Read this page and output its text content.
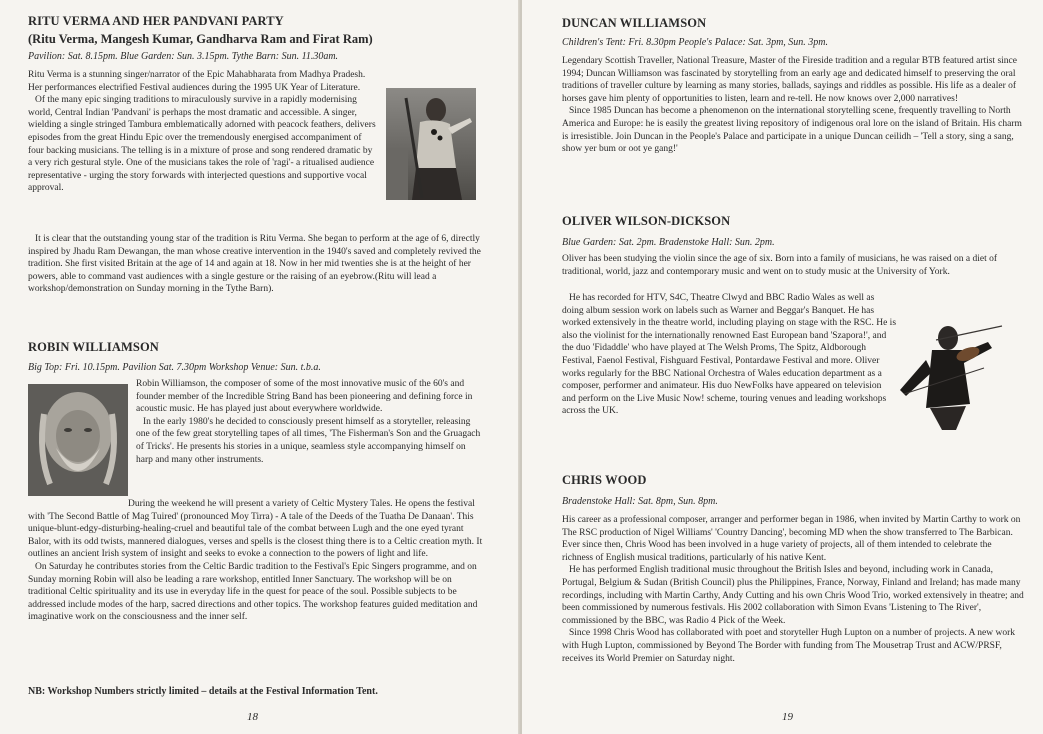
RITU VERMA AND HER PANDVANI PARTY
(Ritu Verma, Mangesh Kumar, Gandharva Ram and Firat Ram)
Pavilion: Sat. 8.15pm. Blue Garden: Sun. 3.15pm. Tythe Barn: Sun. 11.30am.

Ritu Verma is a stunning singer/narrator of the Epic Mahabharata from Madhya Pradesh. Her performances electrified Festival audiences during the 1995 UK Year of Literature.

Of the many epic singing traditions to miraculously survive in a rapidly modernising world, Central Indian 'Pandvani' is perhaps the most dramatic and accessible. A singer, wielding a single stringed Tambura emblematically adorned with peacock feathers, delivers episodes from the great Hindu Epic over the tremendously energised accompaniment of four backing musicians. The telling is in a mixture of prose and song rendered dramatic by a very rich gestural style. One of the musicians takes the role of 'ragi'- a ritualised audience representative - urging the story forwards with interjected questions and supportive vocal approval.

It is clear that the outstanding young star of the tradition is Ritu Verma. She began to perform at the age of 6, directly inspired by Jhadu Ram Dewangan, the man whose creative intervention in the 1940's saved and completely revived the tradition. She first visited Britain at the age of 14 and again at 18. Now in her mid twenties she is at the height of her powers, able to command vast audiences with a single gesture or the raising of an eyebrow.(Ritu will lead a workshop/demonstration on Sunday morning in the Tythe Barn).

ROBIN WILLIAMSON
Big Top: Fri. 10.15pm. Pavilion Sat. 7.30pm Workshop Venue: Sun. t.b.a.

Robin Williamson, the composer of some of the most innovative music of the 60's and founder member of the Incredible String Band has been pioneering and defining force in acoustic music. He has played just about everywhere worldwide.

In the early 1980's he decided to consciously present himself as a storyteller, releasing one of the few great storytelling tapes of all times, 'The Fisherman's Son and the Gruagach of Tricks'. He presents his stories in a unique, seamless style accompanying himself on harp and many other instruments.

During the weekend he will present a variety of Celtic Mystery Tales. He opens the festival with 'The Second Battle of Mag Tuired' (pronounced Moy Tirra) - A tale of the Deeds of the Tuatha De Danaan'. This unique-blunt-edgy-disturbing-healing-cruel and beautiful tale of the combat between Lugh and the one eyed tyrant Balor, with its odd twists, mannered dialogues, verses and spells is the closest thing there is to a Celtic creation myth. It outlines an ancient Irish system of insight and seeks to evoke a connection to the powers of light and life.

On Saturday he contributes stories from the Celtic Bardic tradition to the Festival's Epic Singers programme, and on Sunday morning Robin will also be leading a rare workshop, entitled Inner Sanctuary. The workshop will be on traditional Celtic spirituality and its use in everyday life in the quest for peace of the soul. Possible subjects to be addressed include modes of the harp, sacred directions and other topics. The workshop features guided meditation and imaginative work on the consciousness and the inner self.

NB: Workshop Numbers strictly limited – details at the Festival Information Tent.
18
DUNCAN WILLIAMSON
Children's Tent: Fri. 8.30pm People's Palace: Sat. 3pm, Sun. 3pm.

Legendary Scottish Traveller, National Treasure, Master of the Fireside tradition and a regular BTB featured artist since 1994; Duncan Williamson was fascinated by storytelling from an early age and dedicated himself to preserving the oral traditions of traveller culture by learning as many stories, ballads, sayings and riddles as possible. His life as a dealer of horses gave him plenty of opportunities to listen, learn and re-tell. He now knows over 2,000 narratives!

Since 1985 Duncan has become a phenomenon on the international storytelling scene, frequently travelling to North America and Europe: he is easily the greatest living repository of indigenous oral lore on the island of Britain. His charm is irresistible. Join Duncan in the People's Palace and participate in a unique Duncan ceilidh – 'Tell a story, sing a sang, show yer bum or oot ye gang!'

OLIVER WILSON-DICKSON
Blue Garden: Sat. 2pm. Bradenstoke Hall: Sun. 2pm.

Oliver has been studying the violin since the age of six. Born into a family of musicians, he was raised on a diet of traditional, world, jazz and contemporary music and went on to study music at the University of York.

He has recorded for HTV, S4C, Theatre Clwyd and BBC Radio Wales as well as doing album session work on labels such as Warner and Beggar's Banquet. He has worked extensively in the theatre world, including playing on stage with the RSC. He is also the violinist for the internationally renowned East European band 'Szapora!', and the duo 'Fidaddle' who have played at The Welsh Proms, The Spitz, Aldborough Festival, Faenol Festival, Fishguard Festival, Pontardawe Festival and more. Oliver works regularly for the BBC National Orchestra of Wales education department as a composer, performer and animateur. His duo NewFolks have appeared on television and perform on the Live Music Now! scheme, touring venues and leading workshops across the UK.

CHRIS WOOD
Bradenstoke Hall: Sat. 8pm, Sun. 8pm.

His career as a professional composer, arranger and performer began in 1986, when invited by Martin Carthy to work on The RSC production of Nigel Williams' 'Country Dancing', becoming MD when the show transferred to The Barbican. Ever since then, Chris Wood has been involved in a huge variety of projects, all of them intended to celebrate the richness of English musical traditions, particularly of his native Kent.

He has performed English traditional music throughout the British Isles and beyond, including work in Canada, Portugal, Belgium & Sudan (British Council) plus the Philippines, France, Norway, Finland and Ireland; has made many recordings, including with Martin Carthy, Andy Cutting and his own Chris Wood Trio, worked extensively in theatre; and been commissioned by numerous festivals. His 2002 collaboration with Simon Evans 'Listening to The River', commissioned by the BBC, was Radio 4 Pick of the Week.

Since 1998 Chris Wood has collaborated with poet and storyteller Hugh Lupton on a number of projects. A new work with Hugh Lupton, commissioned by Beyond The Border with funding from The Mousetrap Trust and ACW/PRSF, receives its World Premier on Saturday night.

19
